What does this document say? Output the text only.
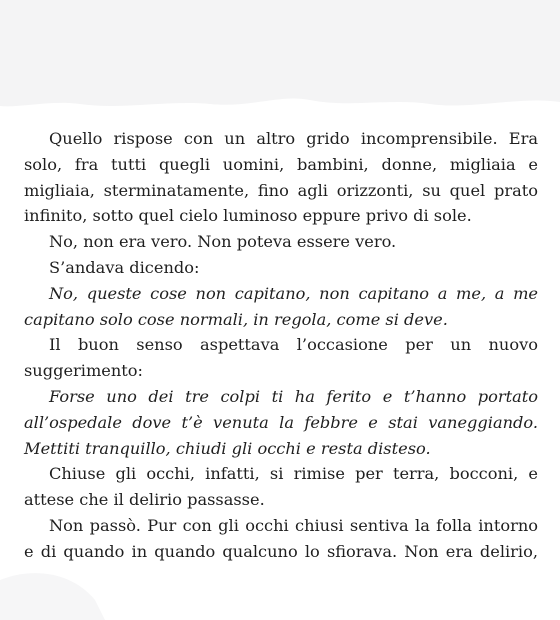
Quello rispose con un altro grido incomprensibile. Era solo, fra tutti quegli uomini, bambini, donne, migliaia e migliaia, sterminatamente, fino agli orizzonti, su quel prato infinito, sotto quel cielo luminoso eppure privo di sole.

No, non era vero. Non poteva essere vero.

S’andava dicendo:

No, queste cose non capitano, non capitano a me, a me capitano solo cose normali, in regola, come si deve.

Il buon senso aspettava l’occasione per un nuovo suggerimento:

Forse uno dei tre colpi ti ha ferito e t’hanno portato all’ospedale dove t’è venuta la febbre e stai vaneggiando. Mettiti tranquillo, chiudi gli occhi e resta disteso.

Chiuse gli occhi, infatti, si rimise per terra, bocconi, e attese che il delirio passasse.

Non passò. Pur con gli occhi chiusi sentiva la folla intorno e di quando in quando qualcuno lo sfiorava. Non era delirio,
